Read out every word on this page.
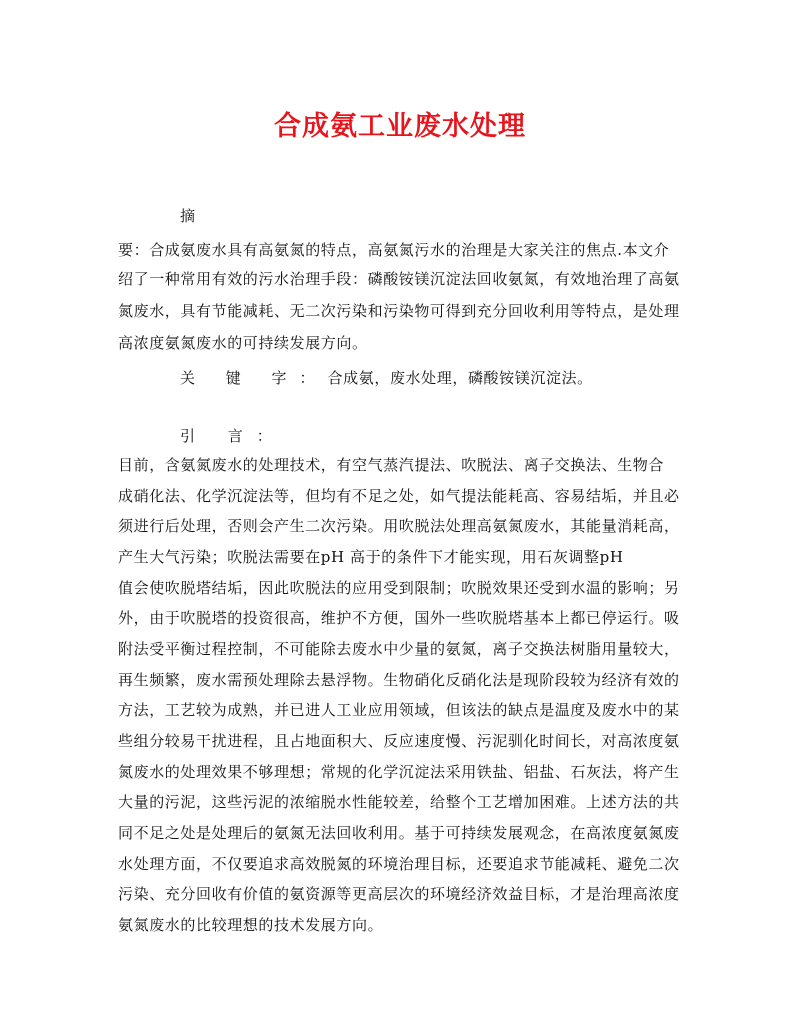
合成氨工业废水处理
摘
要：合成氨废水具有高氨氮的特点，高氨氮污水的治理是大家关注的焦点.本文介
绍了一种常用有效的污水治理手段：磷酸铵镁沉淀法回收氨氮，有效地治理了高氨
氮废水，具有节能减耗、无二次污染和污染物可得到充分回收利用等特点，是处理
高浓度氨氮废水的可持续发展方向。
关 键 字：合成氨，废水处理，磷酸铵镁沉淀法。
引 言：
目前，含氨氮废水的处理技术，有空气蒸汽提法、吹脱法、离子交换法、生物合
成硝化法、化学沉淀法等，但均有不足之处，如气提法能耗高、容易结垢，并且必
须进行后处理，否则会产生二次污染。用吹脱法处理高氨氮废水，其能量消耗高，
产生大气污染；吹脱法需要在pH 高于的条件下才能实现，用石灰调整pH
值会使吹脱塔结垢，因此吹脱法的应用受到限制；吹脱效果还受到水温的影响；另
外，由于吹脱塔的投资很高，维护不方便，国外一些吹脱塔基本上都已停运行。吸
附法受平衡过程控制，不可能除去废水中少量的氨氮，离子交换法树脂用量较大，
再生频繁，废水需预处理除去悬浮物。生物硝化反硝化法是现阶段较为经济有效的
方法，工艺较为成熟，并已进人工业应用领域，但该法的缺点是温度及废水中的某
些组分较易干扰进程，且占地面积大、反应速度慢、污泥驯化时间长，对高浓度氨
氮废水的处理效果不够理想；常规的化学沉淀法采用铁盐、铝盐、石灰法，将产生
大量的污泥，这些污泥的浓缩脱水性能较差，给整个工艺增加困难。上述方法的共
同不足之处是处理后的氨氮无法回收利用。基于可持续发展观念，在高浓度氨氮废
水处理方面，不仅要追求高效脱氮的环境治理目标，还要追求节能减耗、避免二次
污染、充分回收有价值的氨资源等更高层次的环境经济效益目标，才是治理高浓度
氨氮废水的比较理想的技术发展方向。
